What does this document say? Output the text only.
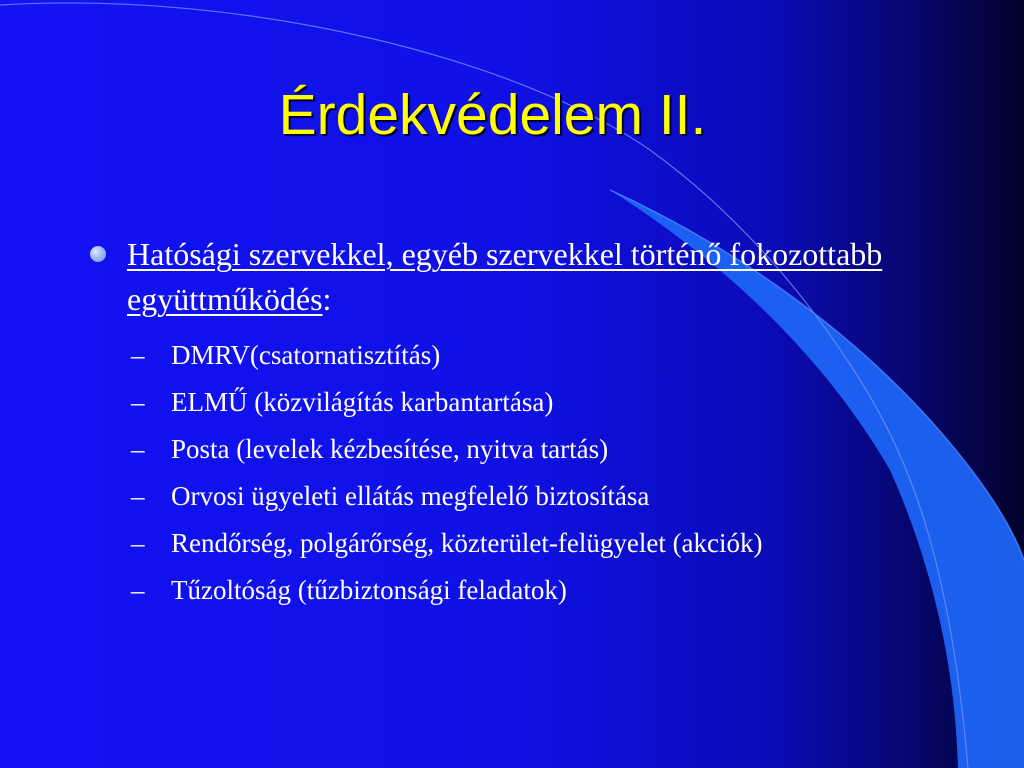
Érdekvédelem II.
Hatósági szervekkel, egyéb szervekkel történő fokozottabb együttműködés:
– DMRV(csatornatisztítás)
– ELMŰ (közvilágítás karbantartása)
– Posta (levelek kézbesítése, nyitva tartás)
– Orvosi ügyeleti ellátás megfelelő biztosítása
– Rendőrség, polgárőrség, közterület-felügyelet (akciók)
– Tűzoltóság (tűzbiztonsági feladatok)
